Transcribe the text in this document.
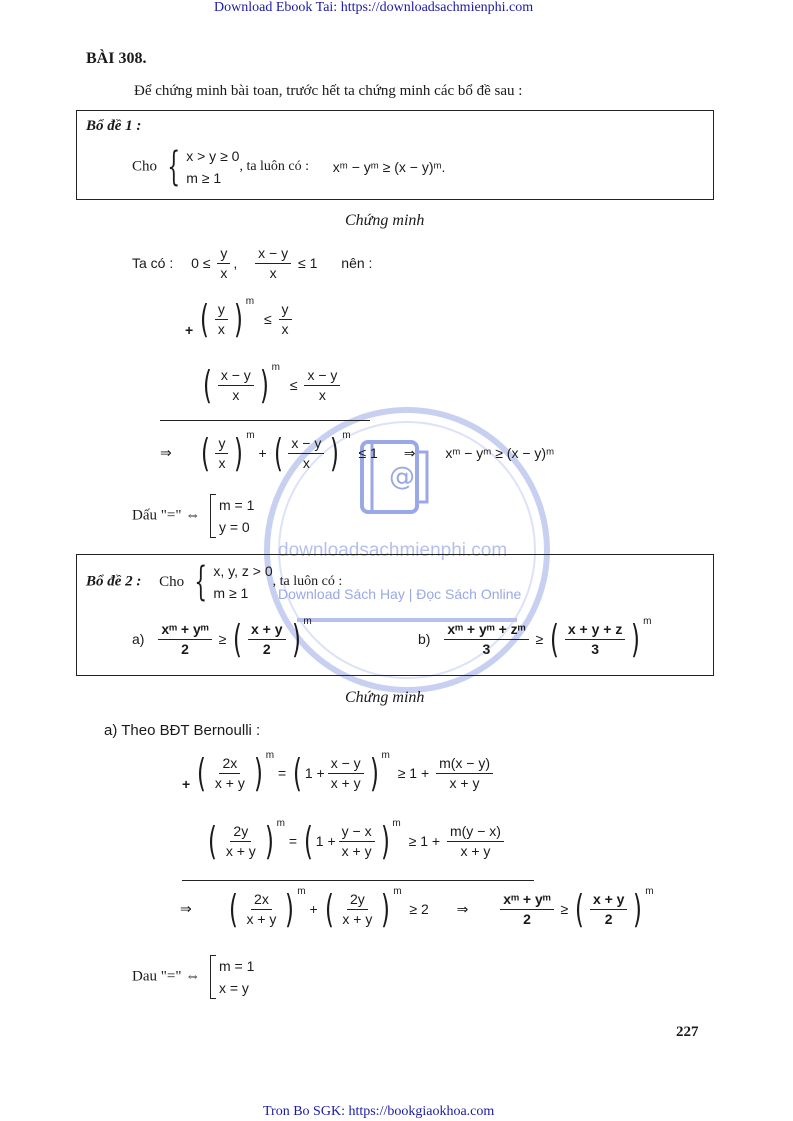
Download Ebook Tai: https://downloadsachmienphi.com
Tron Bo SGK: https://bookgiaokhoa.com
@
downloadsachmienphi.com
Download Sách Hay | Đọc Sách Online
BÀI 308.
Để chứng minh bài toan, trước hết ta chứng minh các bổ đề sau :
Bổ đề 1 :
Cho { x > y ≥ 0
m ≥ 1
, ta luôn có : xᵐ − yᵐ ≥ (x − y)ᵐ.
Chứng minh
Ta có : $0 \le \frac{y}{x}$ , $\frac{x - y}{x} \le 1$ nên :
+ ( $\frac{y}{x}$ ) $^m \le \frac{y}{x}$
( $\frac{x - y}{x}$ ) $^m \le \frac{x - y}{x}$
⇒ ( $\frac{y}{x}$ ) $^m$ + ( $\frac{x - y}{x}$ ) $^m$ ≤ 1 ⇒ xᵐ − yᵐ ≥ (x − y)ᵐ
Dấu "=" ⇔
m = 1
y = 0
Bổ đề 2 : Cho { x, y, z > 0
m ≥ 1
, ta luôn có :
$a) \frac{\text{xᵐ + yᵐ}}{2}$ ≥ ( $\frac{x + y}{2}$ ) $^m$
$b) \frac{\text{xᵐ + yᵐ + zᵐ}}{3}$ ≥ ( $\frac{x + y + z}{3}$ ) $^m$
Chứng minh
a) Theo BĐT Bernoulli :
+ ( $\frac{2x}{x + y}$ ) $^m$ = ( $1 + \frac{x - y}{x + y}$ ) $^m \ge 1 + \frac{m(x - y)}{x + y}$
( $\frac{2y}{x + y}$ ) $^m$ = ( $1 + \frac{y - x}{x + y}$ ) $^m \ge 1 + \frac{m(y - x)}{x + y}$
⇒ ( $\frac{2x}{x + y}$ ) $^m$ + ( $\frac{2y}{x + y}$ ) $^m$ ≥ 2 ⇒ $\frac{\text{xᵐ + yᵐ}}{2}$ ≥ ( $\frac{x + y}{2}$ ) $^m$
Dau "=" ⇔
m = 1
x = y
227
